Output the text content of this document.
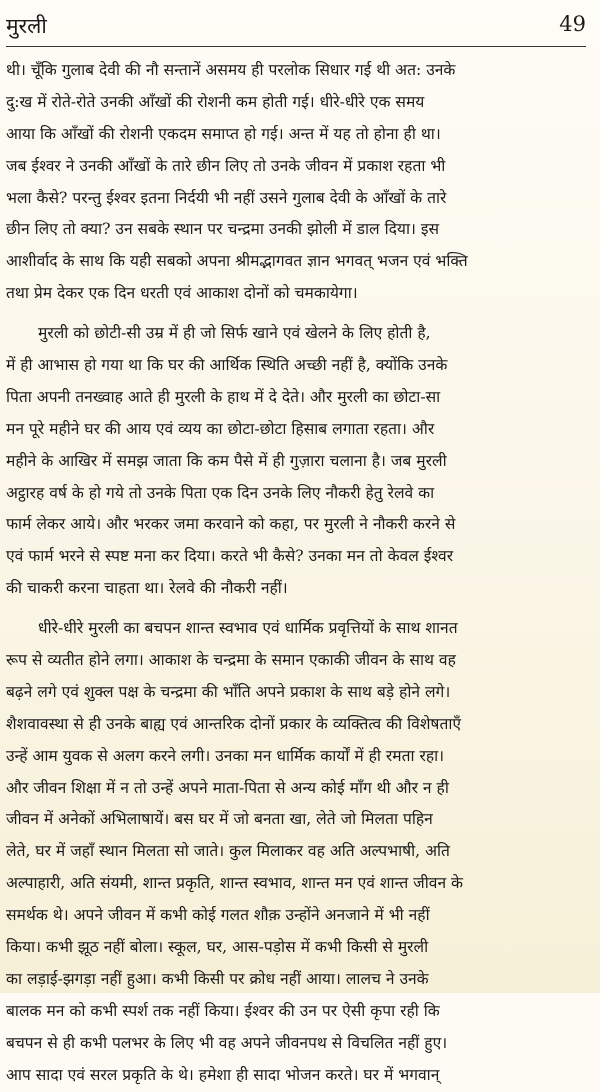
मुरली	49
थी। चूँकि गुलाब देवी की नौ सन्तानें असमय ही परलोक सिधार गई थी अत: उनके
दु:ख में रोते-रोते उनकी आँखों की रोशनी कम होती गई। धीरे-धीरे एक समय
आया कि आँखों की रोशनी एकदम समाप्त हो गई। अन्त में यह तो होना ही था।
जब ईश्वर ने उनकी आँखों के तारे छीन लिए तो उनके जीवन में प्रकाश रहता भी
भला कैसे? परन्तु ईश्वर इतना निर्दयी भी नहीं उसने गुलाब देवी के आँखों के तारे
छीन लिए तो क्या? उन सबके स्थान पर चन्द्रमा उनकी झोली में डाल दिया। इस
आशीर्वाद के साथ कि यही सबको अपना श्रीमद्भागवत ज्ञान भगवत् भजन एवं भक्ति
तथा प्रेम देकर एक दिन धरती एवं आकाश दोनों को चमकायेगा।
मुरली को छोटी-सी उम्र में ही जो सिर्फ खाने एवं खेलने के लिए होती है,
में ही आभास हो गया था कि घर की आर्थिक स्थिति अच्छी नहीं है, क्योंकि उनके
पिता अपनी तनख्वाह आते ही मुरली के हाथ में दे देते। और मुरली का छोटा-सा
मन पूरे महीने घर की आय एवं व्यय का छोटा-छोटा हिसाब लगाता रहता। और
महीने के आखिर में समझ जाता कि कम पैसे में ही गुज़ारा चलाना है। जब मुरली
अट्ठारह वर्ष के हो गये तो उनके पिता एक दिन उनके लिए नौकरी हेतु रेलवे का
फार्म लेकर आये। और भरकर जमा करवाने को कहा, पर मुरली ने नौकरी करने से
एवं फार्म भरने से स्पष्ट मना कर दिया। करते भी कैसे? उनका मन तो केवल ईश्वर
की चाकरी करना चाहता था। रेलवे की नौकरी नहीं।
धीरे-धीरे मुरली का बचपन शान्त स्वभाव एवं धार्मिक प्रवृत्तियों के साथ शानत
रूप से व्यतीत होने लगा। आकाश के चन्द्रमा के समान एकाकी जीवन के साथ वह
बढ़ने लगे एवं शुक्ल पक्ष के चन्द्रमा की भाँति अपने प्रकाश के साथ बड़े होने लगे।
शैशवावस्था से ही उनके बाह्य एवं आन्तरिक दोनों प्रकार के व्यक्तित्व की विशेषताएँ
उन्हें आम युवक से अलग करने लगी। उनका मन धार्मिक कार्यों में ही रमता रहा।
और जीवन शिक्षा में न तो उन्हें अपने माता-पिता से अन्य कोई माँग थी और न ही
जीवन में अनेकों अभिलाषायें। बस घर में जो बनता खा, लेते जो मिलता पहिन
लेते, घर में जहाँ स्थान मिलता सो जाते। कुल मिलाकर वह अति अल्पभाषी, अति
अल्पाहारी, अति संयमी, शान्त प्रकृति, शान्त स्वभाव, शान्त मन एवं शान्त जीवन के
समर्थक थे। अपने जीवन में कभी कोई गलत शौक़ उन्होंने अनजाने में भी नहीं
किया। कभी झूठ नहीं बोला। स्कूल, घर, आस-पड़ोस में कभी किसी से मुरली
का लड़ाई-झगड़ा नहीं हुआ। कभी किसी पर क्रोध नहीं आया। लालच ने उनके
बालक मन को कभी स्पर्श तक नहीं किया। ईश्वर की उन पर ऐसी कृपा रही कि
बचपन से ही कभी पलभर के लिए भी वह अपने जीवनपथ से विचलित नहीं हुए।
आप सादा एवं सरल प्रकृति के थे। हमेशा ही सादा भोजन करते। घर में भगवान्
